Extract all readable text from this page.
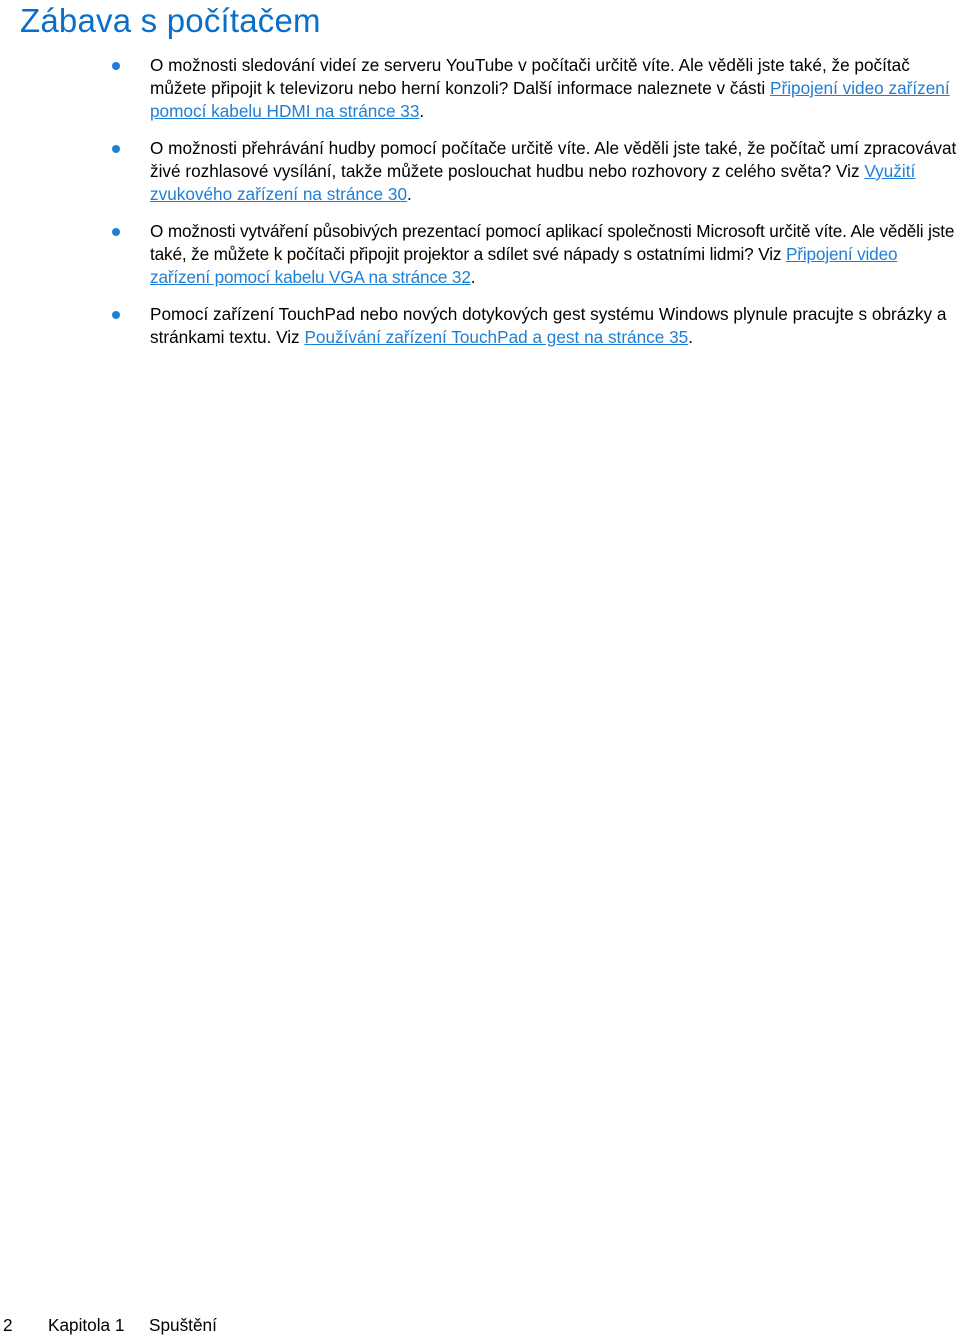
Zábava s počítačem
O možnosti sledování videí ze serveru YouTube v počítači určitě víte. Ale věděli jste také, že počítač můžete připojit k televizoru nebo herní konzoli? Další informace naleznete v části Připojení video zařízení pomocí kabelu HDMI na stránce 33.
O možnosti přehrávání hudby pomocí počítače určitě víte. Ale věděli jste také, že počítač umí zpracovávat živé rozhlasové vysílání, takže můžete poslouchat hudbu nebo rozhovory z celého světa? Viz Využití zvukového zařízení na stránce 30.
O možnosti vytváření působivých prezentací pomocí aplikací společnosti Microsoft určitě víte. Ale věděli jste také, že můžete k počítači připojit projektor a sdílet své nápady s ostatními lidmi? Viz Připojení video zařízení pomocí kabelu VGA na stránce 32.
Pomocí zařízení TouchPad nebo nových dotykových gest systému Windows plynule pracujte s obrázky a stránkami textu. Viz Používání zařízení TouchPad a gest na stránce 35.
2 Kapitola 1 Spuštění
